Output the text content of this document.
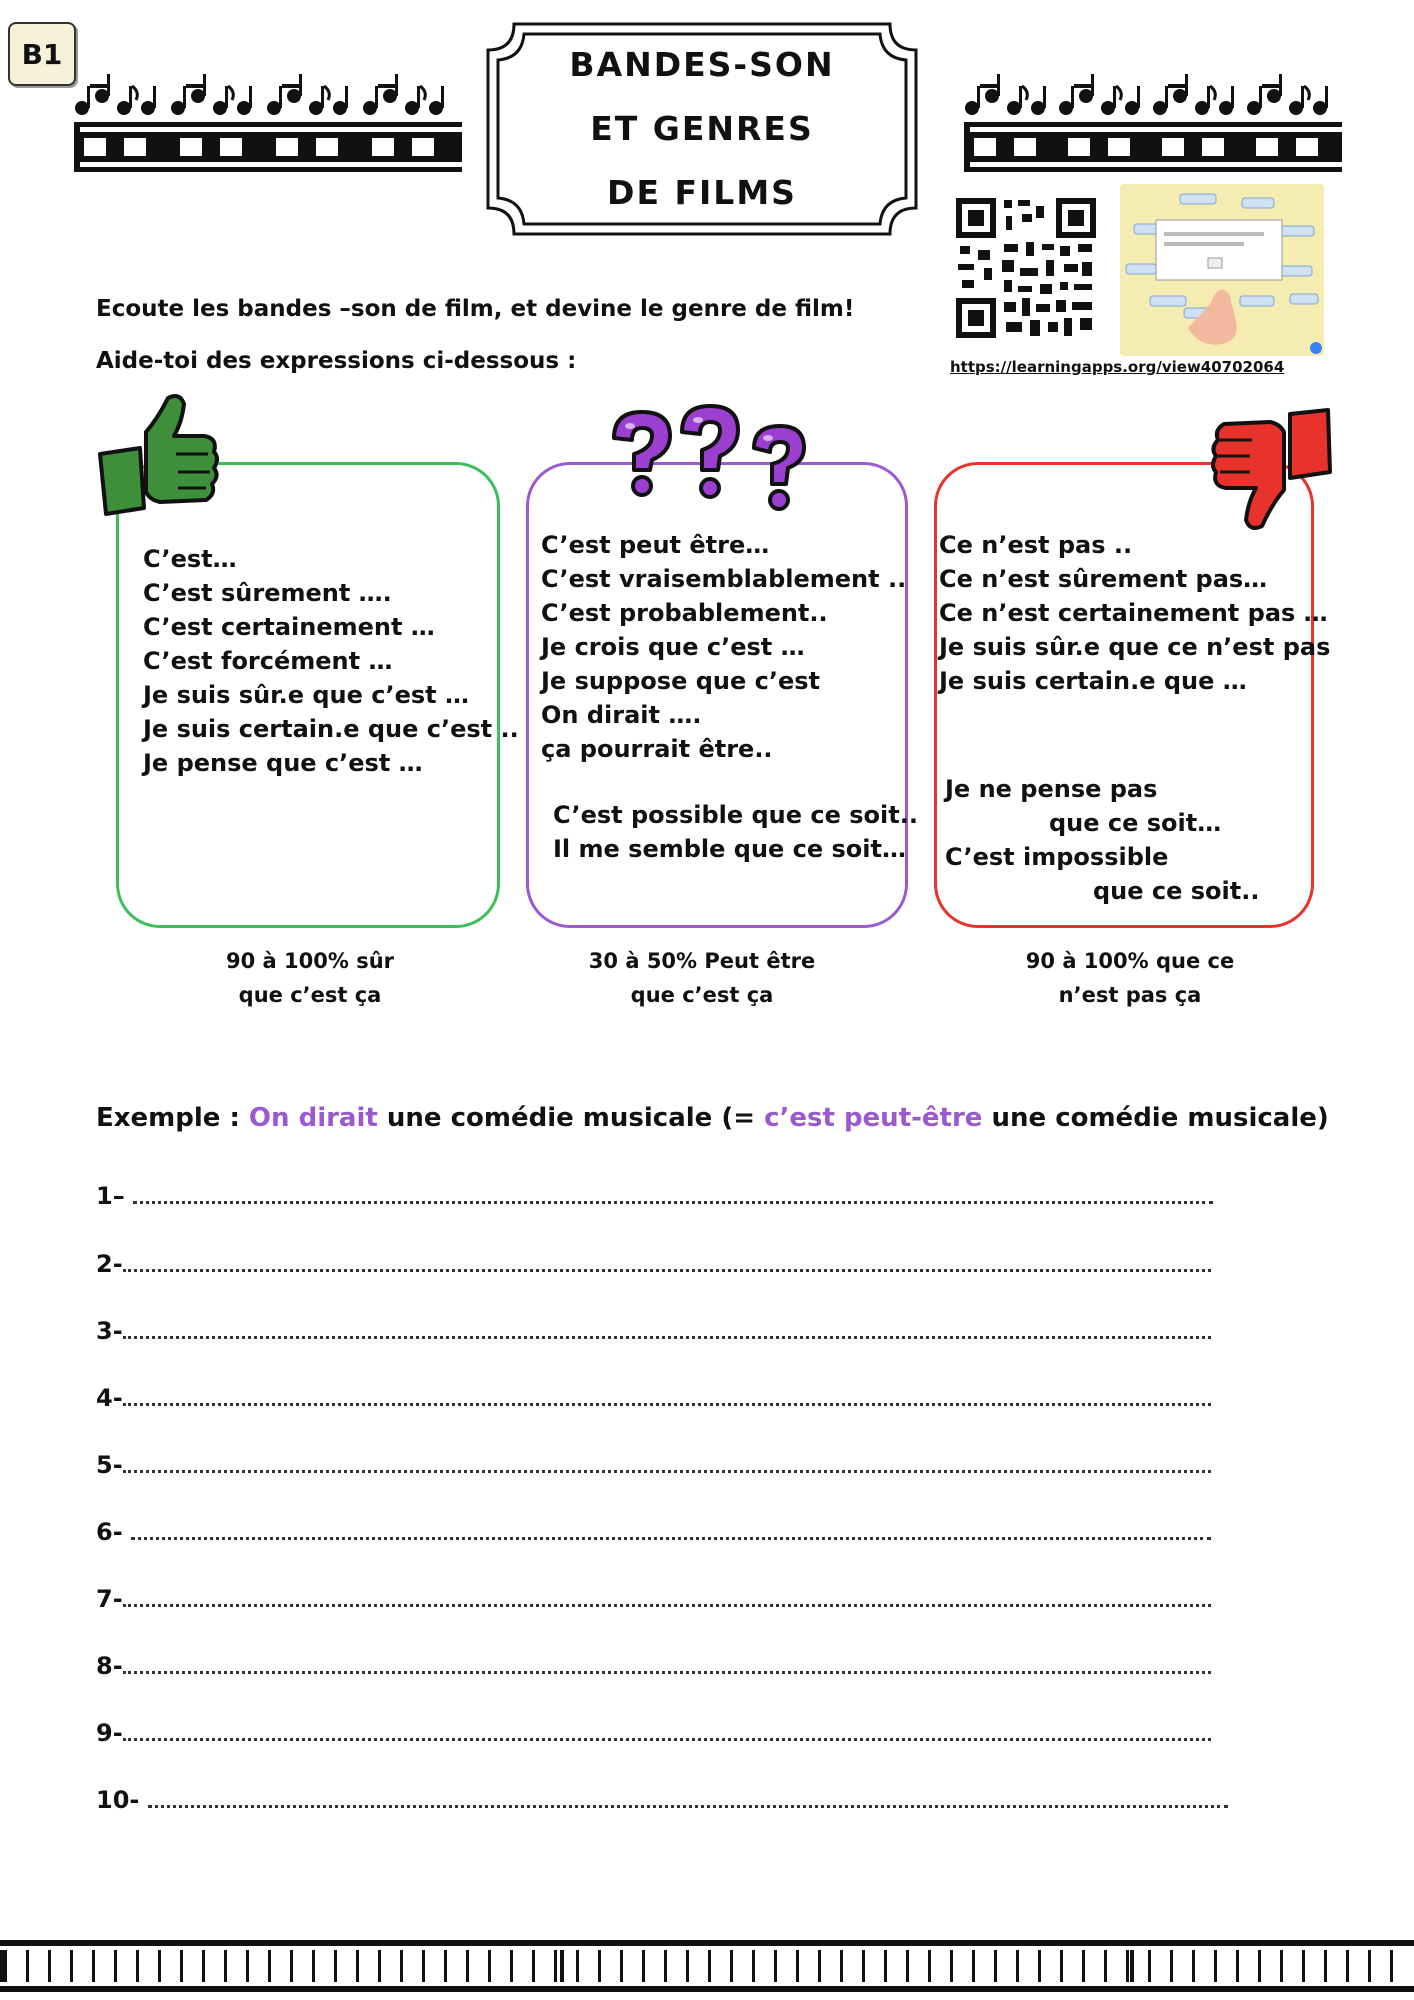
B1	BANDES-SON
ET GENRES
DE FILMS
Ecoute les bandes –son de film, et devine le genre de film!
Aide-toi des expressions ci-dessous :	https://learningapps.org/view40702064
C’est…
C’est sûrement ….
C’est certainement …
C’est forcément …
Je suis sûr.e que c’est …
Je suis certain.e que c’est ..
Je pense que c’est …
90 à 100% sûr
que c’est ça
C’est peut être…
C’est vraisemblablement ..
C’est probablement..
Je crois que c’est …
Je suppose que c’est
On dirait ….
ça pourrait être..
C’est possible que ce soit..
Il me semble que ce soit…
30 à 50% Peut être
que c’est ça
Ce n’est pas ..
Ce n’est sûrement pas…
Ce n’est certainement pas …
Je suis sûr.e que ce n’est pas
Je suis certain.e que …
Je ne pense pas
que ce soit…
C’est impossible
que ce soit..
90 à 100% que ce
n’est pas ça
Exemple : On dirait une comédie musicale (= c’est peut-être une comédie musicale)
1–
2-
3-
4-
5-
6-
7-
8-
9-
10-
